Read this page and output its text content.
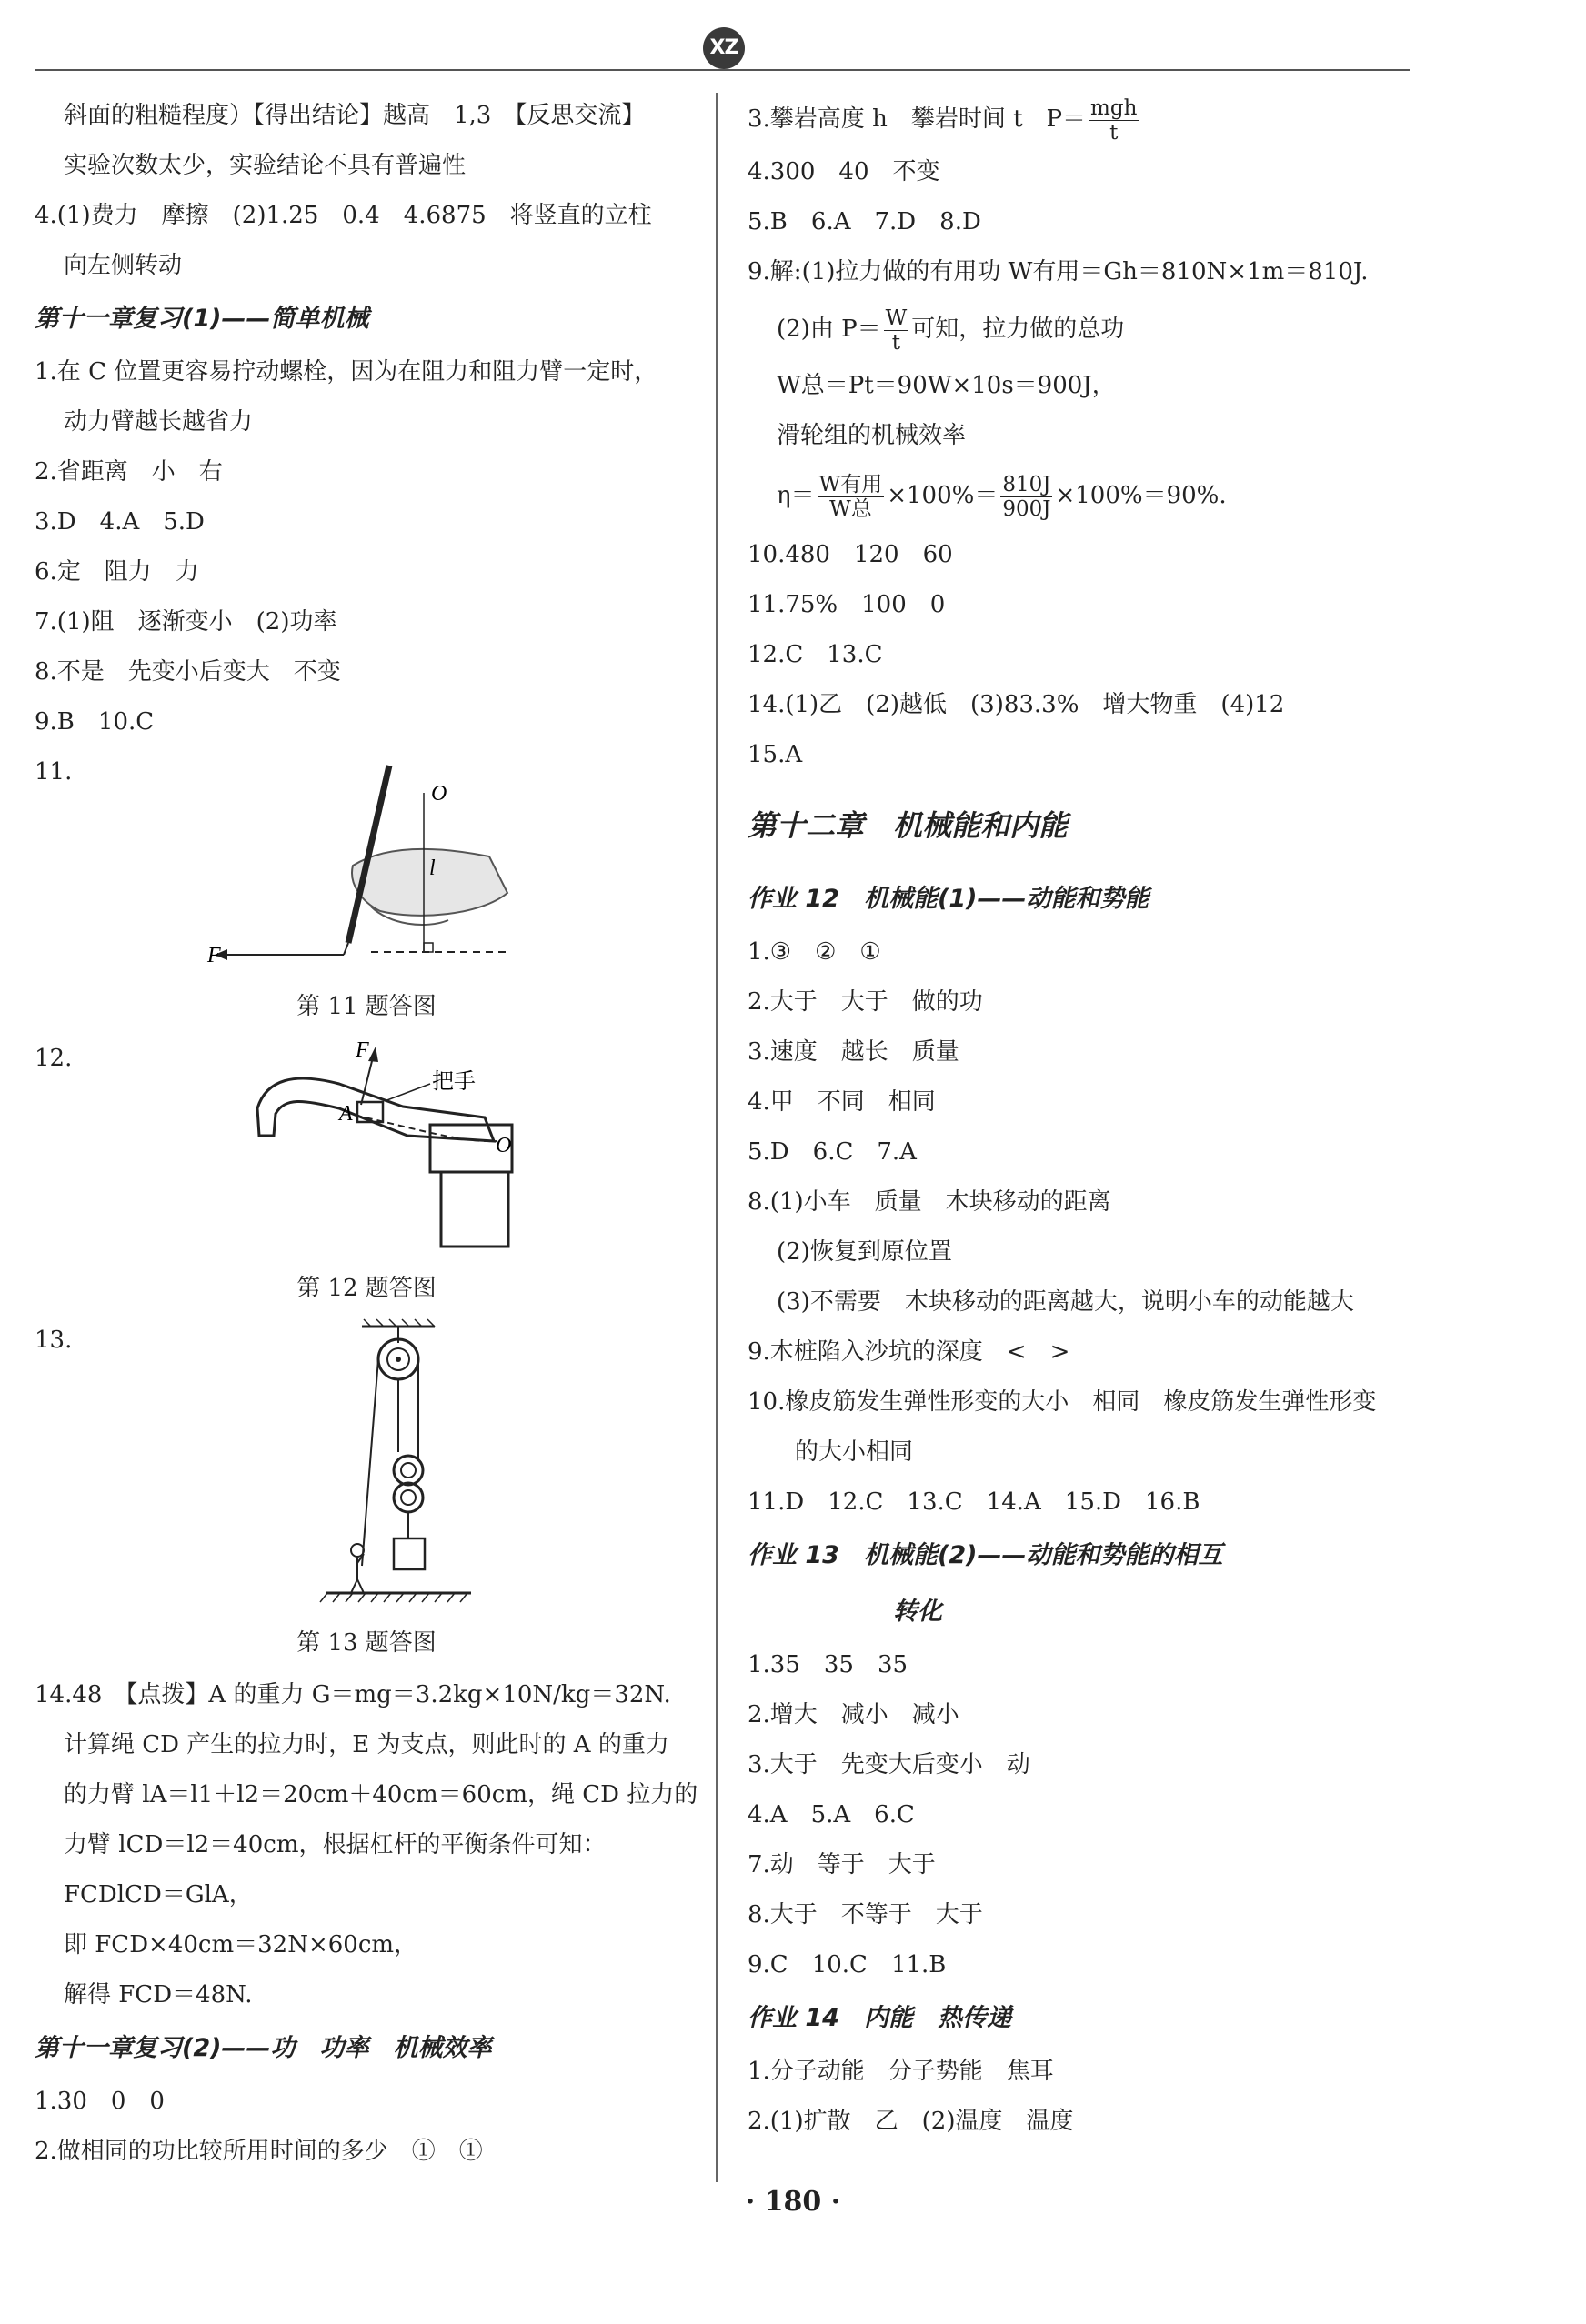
XZ
斜面的粗糙程度）【得出结论】越高　1,3　【反思交流】
实验次数太少，实验结论不具有普遍性
4.(1)费力　摩擦　(2)1.25　0.4　4.6875　将竖直的立柱
向左侧转动
第十一章复习(1)——简单机械
1.在 C 位置更容易拧动螺栓，因为在阻力和阻力臂一定时，
动力臂越长越省力
2.省距离　小　右
3.D　4.A　5.D
6.定　阻力　力
7.(1)阻　逐渐变小　(2)功率
8.不是　先变小后变大　不变
9.B　10.C
11.
O
l
F
第 11 题答图
12.	F
A
O
把手
第 12 题答图
13.
第 13 题答图
14.48　【点拨】A 的重力 G＝mg＝3.2kg×10N/kg＝32N.
计算绳 CD 产生的拉力时，E 为支点，则此时的 A 的重力
的力臂 lA＝l1＋l2＝20cm＋40cm＝60cm，绳 CD 拉力的
力臂 lCD＝l2＝40cm，根据杠杆的平衡条件可知：
FCDlCD＝GlA，
即 FCD×40cm＝32N×60cm，
解得 FCD＝48N.
第十一章复习(2)——功　功率　机械效率
1.30　0　0
2.做相同的功比较所用时间的多少　①　①
3.攀岩高度 h　攀岩时间 t　$P= \frac{\text{mgh}}{t}$
4.300　40　不变
5.B　6.A　7.D　8.D
9.解:(1)拉力做的有用功 W有用＝Gh＝810N×1m＝810J.
(2)由 $P= \frac{W}{t}$ 可知，拉力做的总功
W总＝Pt＝90W×10s＝900J，
滑轮组的机械效率
$\eta= \frac{\text{W有用}}{\text{W总}} \times 100\%= \frac{810J}{900J} \times 100\%=90\%$.
10.480　120　60
11.75%　100　0
12.C　13.C
14.(1)乙　(2)越低　(3)83.3%　增大物重　(4)12
15.A
第十二章　机械能和内能
作业 12　机械能(1)——动能和势能
1.③　②　①
2.大于　大于　做的功
3.速度　越长　质量
4.甲　不同　相同
5.D　6.C　7.A
8.(1)小车　质量　木块移动的距离
(2)恢复到原位置
(3)不需要　木块移动的距离越大，说明小车的动能越大
9.木桩陷入沙坑的深度　<　>
10.橡皮筋发生弹性形变的大小　相同　橡皮筋发生弹性形变
的大小相同
11.D　12.C　13.C　14.A　15.D　16.B
作业 13　机械能(2)——动能和势能的相互
转化
1.35　35　35
2.增大　减小　减小
3.大于　先变大后变小　动
4.A　5.A　6.C
7.动　等于　大于
8.大于　不等于　大于
9.C　10.C　11.B
作业 14　内能　热传递
1.分子动能　分子势能　焦耳
2.(1)扩散　乙　(2)温度　温度
· 180 ·
